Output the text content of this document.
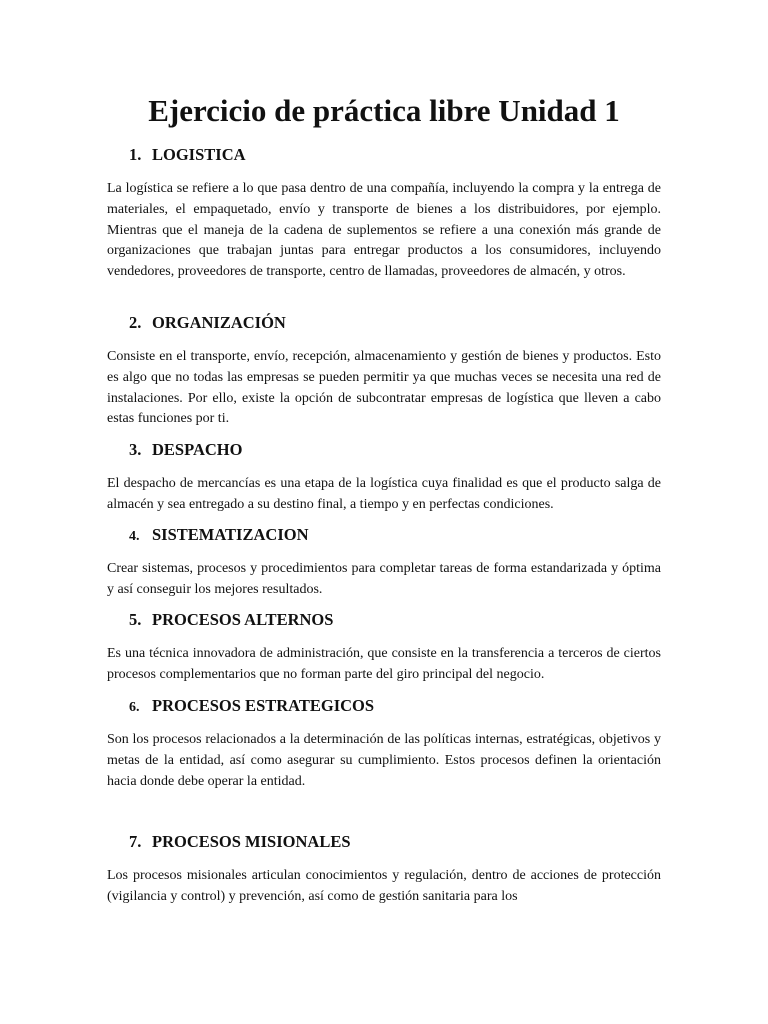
Ejercicio de práctica libre Unidad 1
1. LOGISTICA

La logística se refiere a lo que pasa dentro de una compañía, incluyendo la compra y la entrega de materiales, el empaquetado, envío y transporte de bienes a los distribuidores, por ejemplo. Mientras que el maneja de la cadena de suplementos se refiere a una conexión más grande de organizaciones que trabajan juntas para entregar productos a los consumidores, incluyendo vendedores, proveedores de transporte, centro de llamadas, proveedores de almacén, y otros.

2. ORGANIZACIÓN

Consiste en el transporte, envío, recepción, almacenamiento y gestión de bienes y productos. Esto es algo que no todas las empresas se pueden permitir ya que muchas veces se necesita una red de instalaciones. Por ello, existe la opción de subcontratar empresas de logística que lleven a cabo estas funciones por ti.

3. DESPACHO

El despacho de mercancías es una etapa de la logística cuya finalidad es que el producto salga de almacén y sea entregado a su destino final, a tiempo y en perfectas condiciones.

4. SISTEMATIZACION

Crear sistemas, procesos y procedimientos para completar tareas de forma estandarizada y óptima y así conseguir los mejores resultados.

5. PROCESOS ALTERNOS

Es una técnica innovadora de administración, que consiste en la transferencia a terceros de ciertos procesos complementarios que no forman parte del giro principal del negocio.

6. PROCESOS ESTRATEGICOS

Son los procesos relacionados a la determinación de las políticas internas, estratégicas, objetivos y metas de la entidad, así como asegurar su cumplimiento. Estos procesos definen la orientación hacia donde debe operar la entidad.

7. PROCESOS MISIONALES

Los procesos misionales articulan conocimientos y regulación, dentro de acciones de protección (vigilancia y control) y prevención, así como de gestión sanitaria para los
